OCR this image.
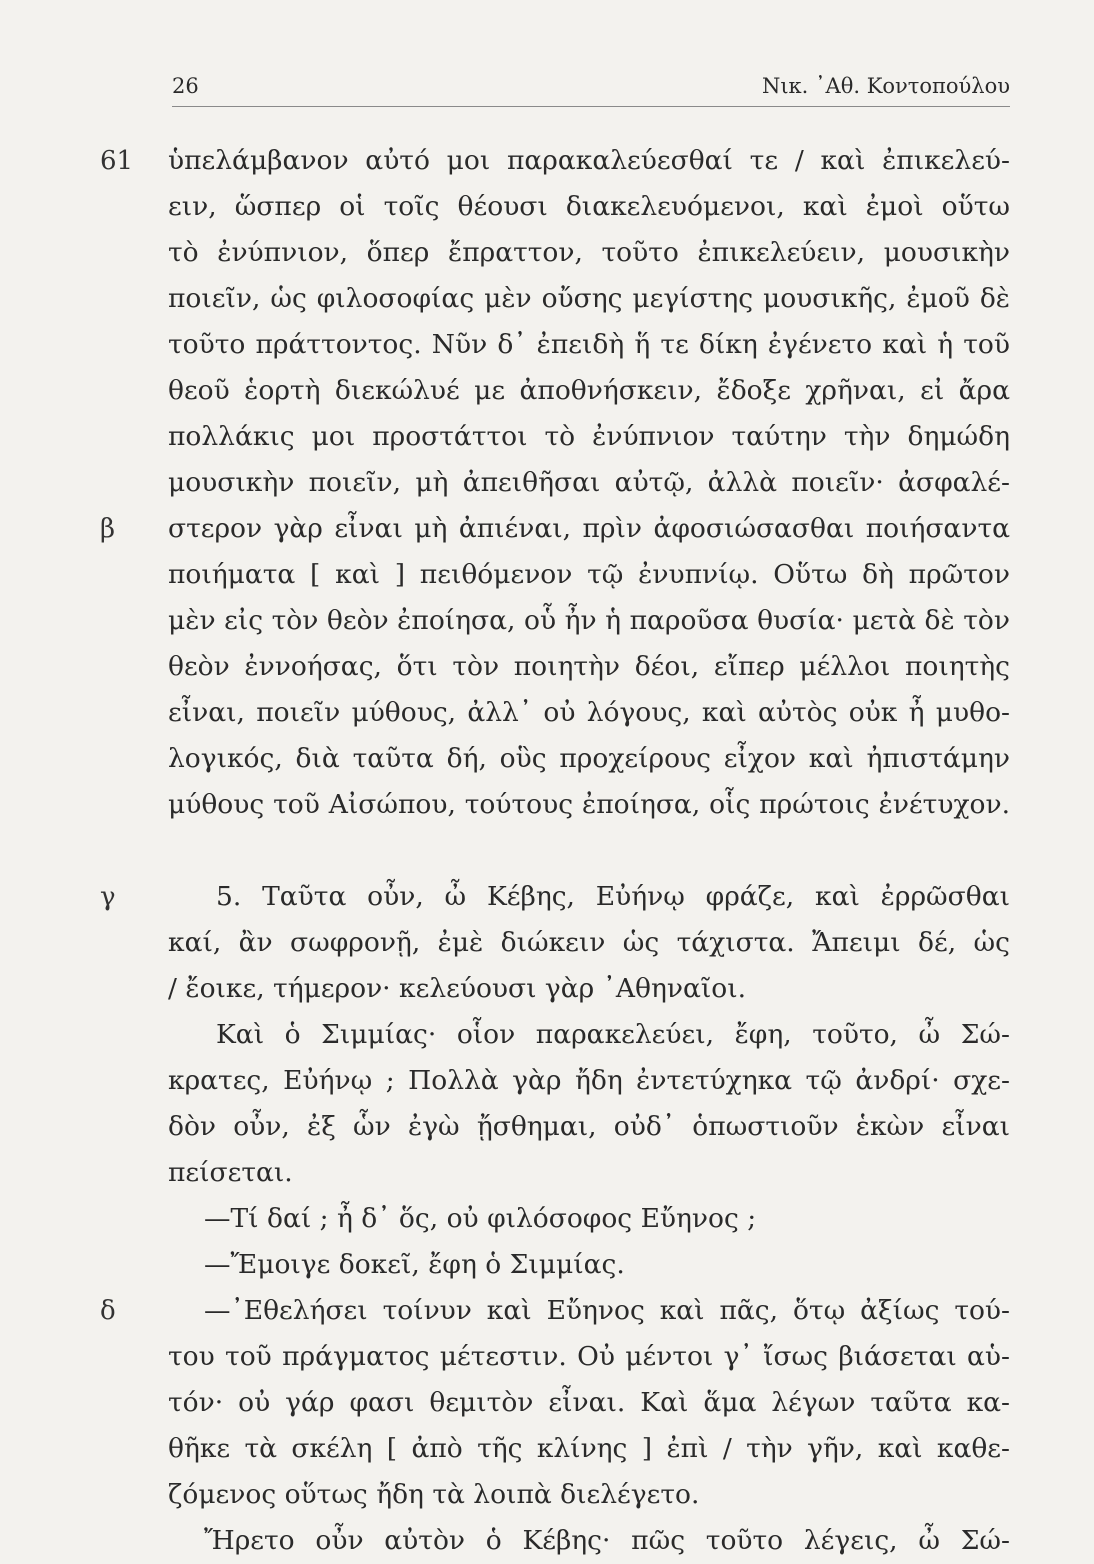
26	Νικ. ᾽Αθ. Κοντοπούλου
61
β
γ
δ
ὑπελάμβανον αὐτό μοι παρακαλεύεσθαί τε / καὶ ἐπικελεύ-
ειν, ὥσπερ οἱ τοῖς θέουσι διακελευόμενοι, καὶ ἐμοὶ οὕτω
τὸ ἐνύπνιον, ὅπερ ἔπραττον, τοῦτο ἐπικελεύειν, μουσικὴν
ποιεῖν, ὡς φιλοσοφίας μὲν οὔσης μεγίστης μουσικῆς, ἐμοῦ δὲ
τοῦτο πράττοντος. Νῦν δ᾽ ἐπειδὴ ἥ τε δίκη ἐγένετο καὶ ἡ τοῦ
θεοῦ ἑορτὴ διεκώλυέ με ἀποθνήσκειν, ἔδοξε χρῆναι, εἰ ἄρα
πολλάκις μοι προστάττοι τὸ ἐνύπνιον ταύτην τὴν δημώδη
μουσικὴν ποιεῖν, μὴ ἀπειθῆσαι αὐτῷ, ἀλλὰ ποιεῖν· ἀσφαλέ-
στερον γὰρ εἶναι μὴ ἀπιέναι, πρὶν ἀφοσιώσασθαι ποιήσαντα
ποιήματα [ καὶ ] πειθόμενον τῷ ἐνυπνίῳ. Οὕτω δὴ πρῶτον
μὲν εἰς τὸν θεὸν ἐποίησα, οὗ ἦν ἡ παροῦσα θυσία· μετὰ δὲ τὸν
θεὸν ἐννοήσας, ὅτι τὸν ποιητὴν δέοι, εἴπερ μέλλοι ποιητὴς
εἶναι, ποιεῖν μύθους, ἀλλ᾽ οὐ λόγους, καὶ αὐτὸς οὐκ ἦ μυθο-
λογικός, διὰ ταῦτα δή, οὓς προχείρους εἶχον καὶ ἠπιστάμην
μύθους τοῦ Αἰσώπου, τούτους ἐποίησα, οἷς πρώτοις ἐνέτυχον.
5. Ταῦτα οὖν, ὦ Κέβης, Εὐήνῳ φράζε, καὶ ἐρρῶσθαι
καί, ἂν σωφρονῇ, ἐμὲ διώκειν ὡς τάχιστα. Ἄπειμι δέ, ὡς
/ ἔοικε, τήμερον· κελεύουσι γὰρ ᾽Αθηναῖοι.
Καὶ ὁ Σιμμίας· οἷον παρακελεύει, ἔφη, τοῦτο, ὦ Σώ-
κρατες, Εὐήνῳ ; Πολλὰ γὰρ ἤδη ἐντετύχηκα τῷ ἀνδρί· σχε-
δὸν οὖν, ἐξ ὧν ἐγὼ ᾔσθημαι, οὐδ᾽ ὁπωστιοῦν ἑκὼν εἶναι
πείσεται.
—Τί δαί ; ἦ δ᾽ ὅς, οὐ φιλόσοφος Εὔηνος ;
—Ἔμοιγε δοκεῖ, ἔφη ὁ Σιμμίας.
—᾽Εθελήσει τοίνυν καὶ Εὔηνος καὶ πᾶς, ὅτῳ ἀξίως τού-
του τοῦ πράγματος μέτεστιν. Οὐ μέντοι γ᾽ ἴσως βιάσεται αὑ-
τόν· οὐ γάρ φασι θεμιτὸν εἶναι. Καὶ ἅμα λέγων ταῦτα κα-
θῆκε τὰ σκέλη [ ἀπὸ τῆς κλίνης ] ἐπὶ / τὴν γῆν, καὶ καθε-
ζόμενος οὕτως ἤδη τὰ λοιπὰ διελέγετο.
Ἤρετο οὖν αὐτὸν ὁ Κέβης· πῶς τοῦτο λέγεις, ὦ Σώ-
